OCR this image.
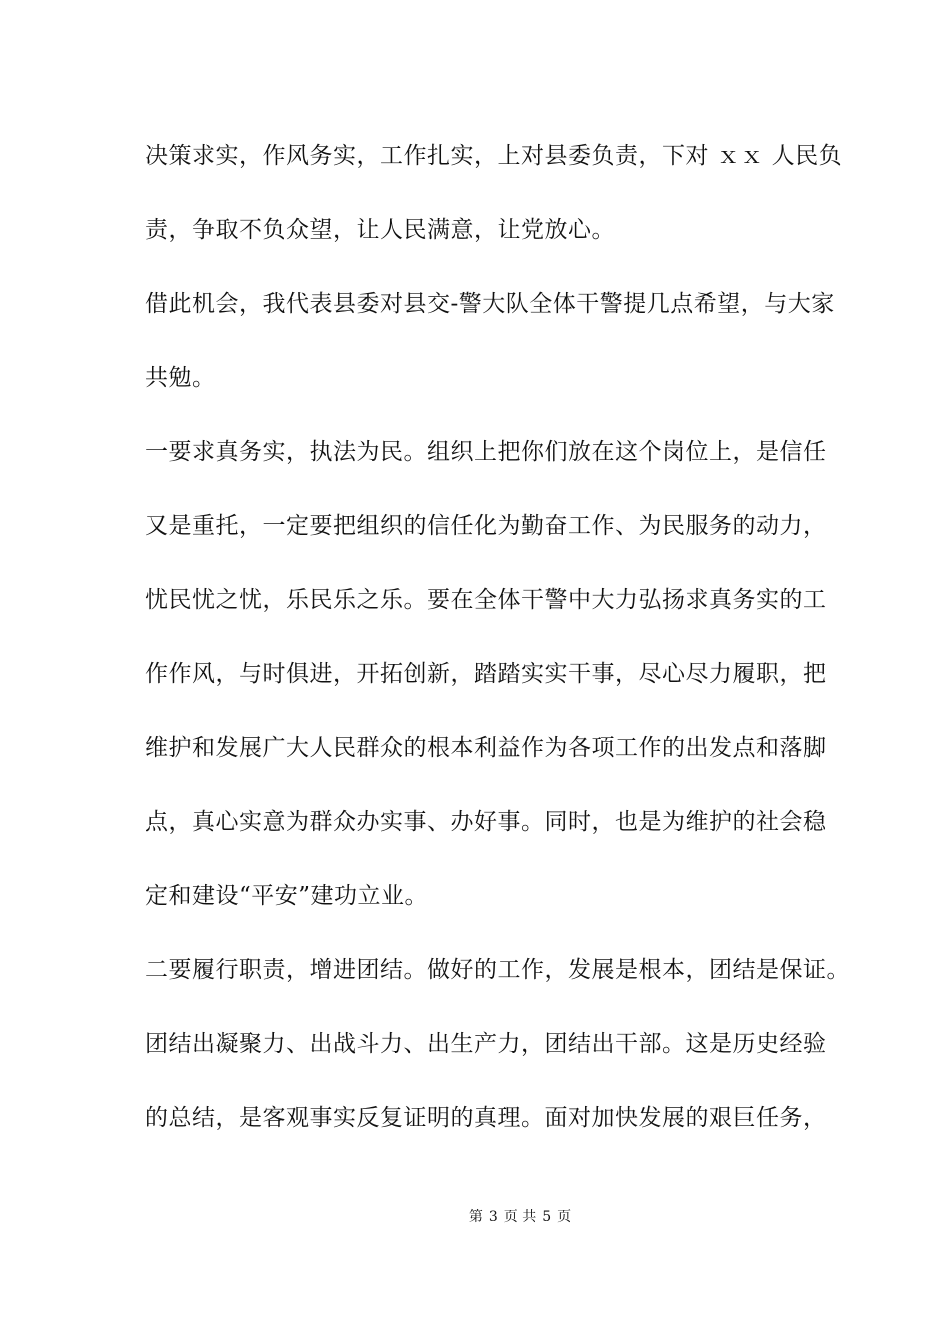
决策求实，作风务实，工作扎实，上对县委负责，下对 ｘｘ 人民负
责，争取不负众望，让人民满意，让党放心。
借此机会，我代表县委对县交-警大队全体干警提几点希望，与大家
共勉。
一要求真务实，执法为民。组织上把你们放在这个岗位上，是信任
又是重托，一定要把组织的信任化为勤奋工作、为民服务的动力，
忧民忧之忧，乐民乐之乐。要在全体干警中大力弘扬求真务实的工
作作风，与时俱进，开拓创新，踏踏实实干事，尽心尽力履职，把
维护和发展广大人民群众的根本利益作为各项工作的出发点和落脚
点，真心实意为群众办实事、办好事。同时，也是为维护的社会稳
定和建设“平安”建功立业。
二要履行职责，增进团结。做好的工作，发展是根本，团结是保证。
团结出凝聚力、出战斗力、出生产力，团结出干部。这是历史经验
的总结，是客观事实反复证明的真理。面对加快发展的艰巨任务，
第 3 页 共 5 页
